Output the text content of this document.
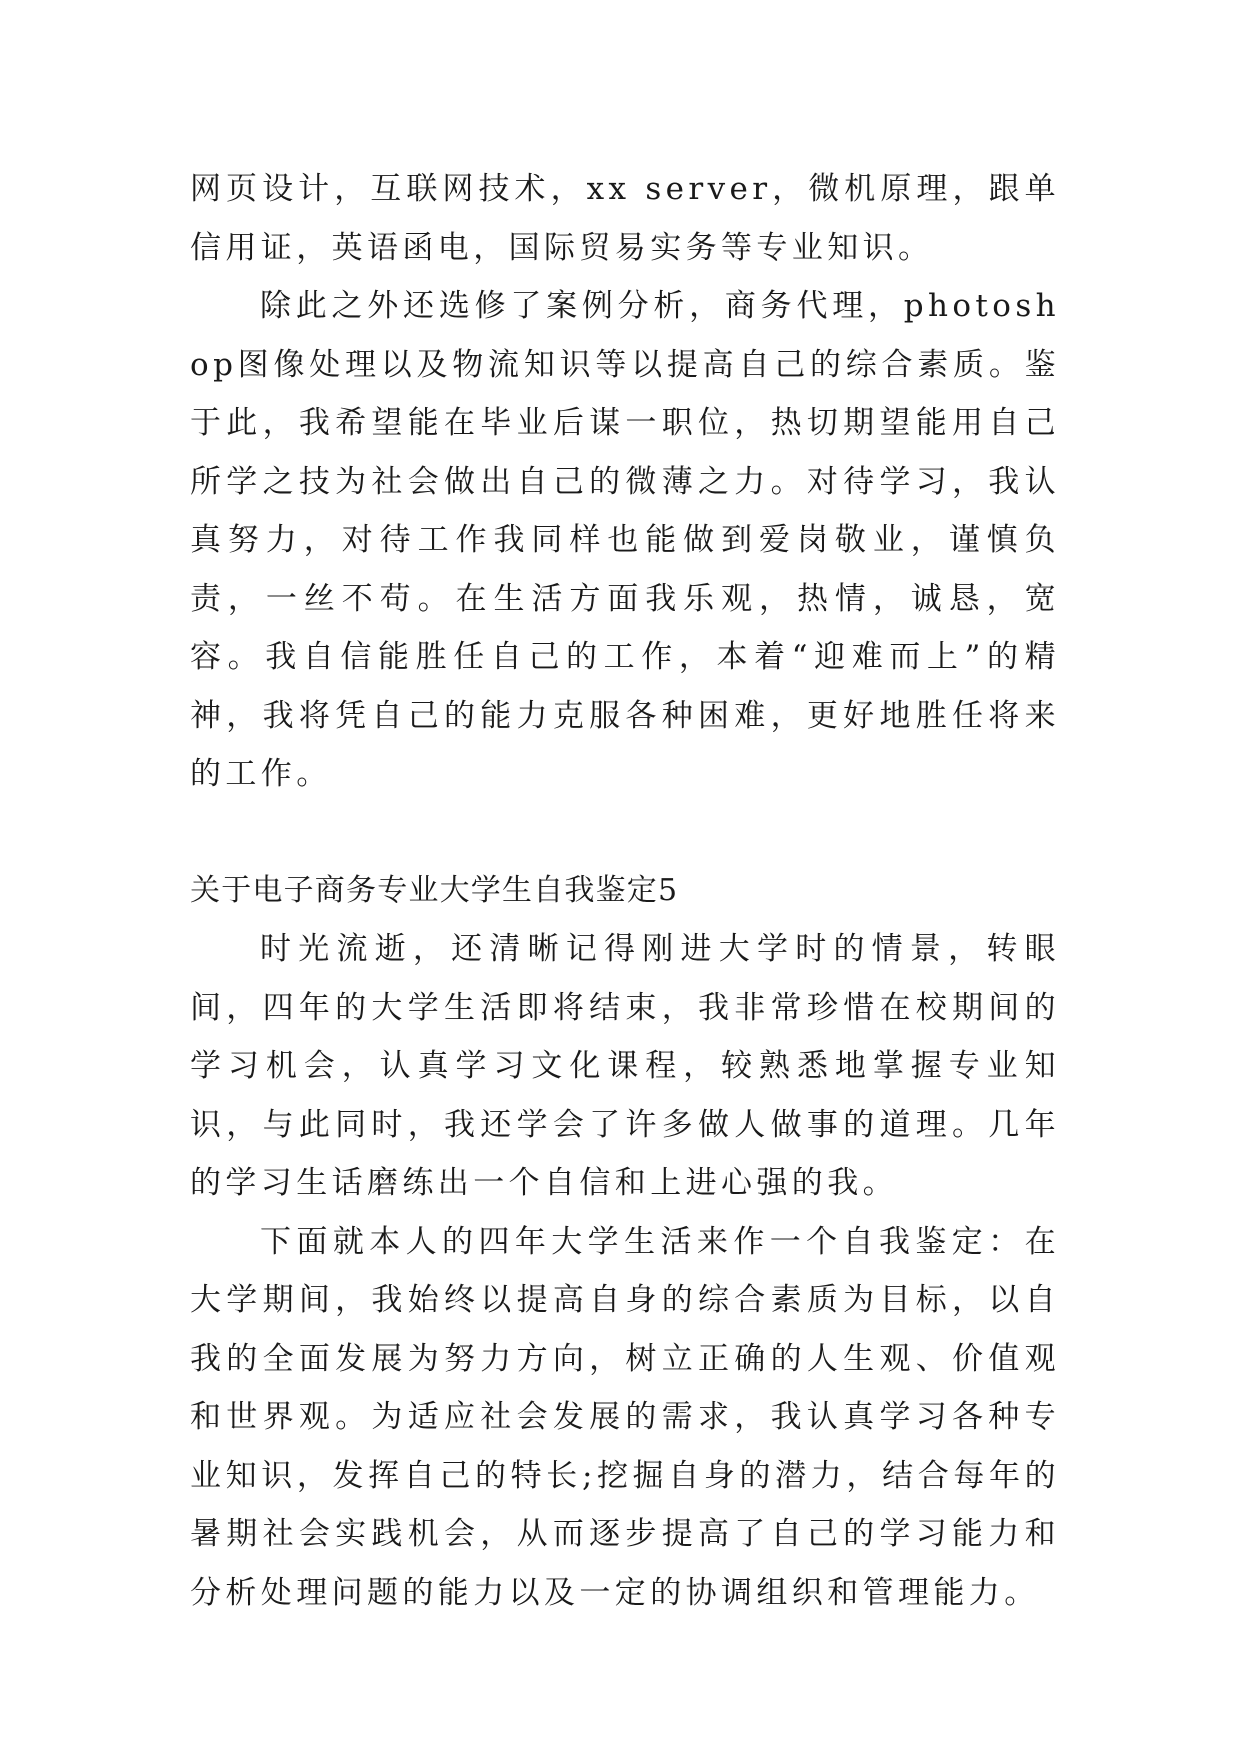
网页设计，互联网技术，xx server，微机原理，跟单信用证，英语函电，国际贸易实务等专业知识。

除此之外还选修了案例分析，商务代理，photoshop图像处理以及物流知识等以提高自己的综合素质。鉴于此，我希望能在毕业后谋一职位，热切期望能用自己所学之技为社会做出自己的微薄之力。对待学习，我认真努力，对待工作我同样也能做到爱岗敬业，谨慎负责，一丝不苟。在生活方面我乐观，热情，诚恳，宽容。我自信能胜任自己的工作，本着“迎难而上”的精神，我将凭自己的能力克服各种困难，更好地胜任将来的工作。

关于电子商务专业大学生自我鉴定5

时光流逝，还清晰记得刚进大学时的情景，转眼间，四年的大学生活即将结束，我非常珍惜在校期间的学习机会，认真学习文化课程，较熟悉地掌握专业知识，与此同时，我还学会了许多做人做事的道理。几年的学习生话磨练出一个自信和上进心强的我。

下面就本人的四年大学生活来作一个自我鉴定：在大学期间，我始终以提高自身的综合素质为目标，以自我的全面发展为努力方向，树立正确的人生观、价值观和世界观。为适应社会发展的需求，我认真学习各种专业知识，发挥自己的特长;挖掘自身的潜力，结合每年的暑期社会实践机会，从而逐步提高了自己的学习能力和分析处理问题的能力以及一定的协调组织和管理能力。
